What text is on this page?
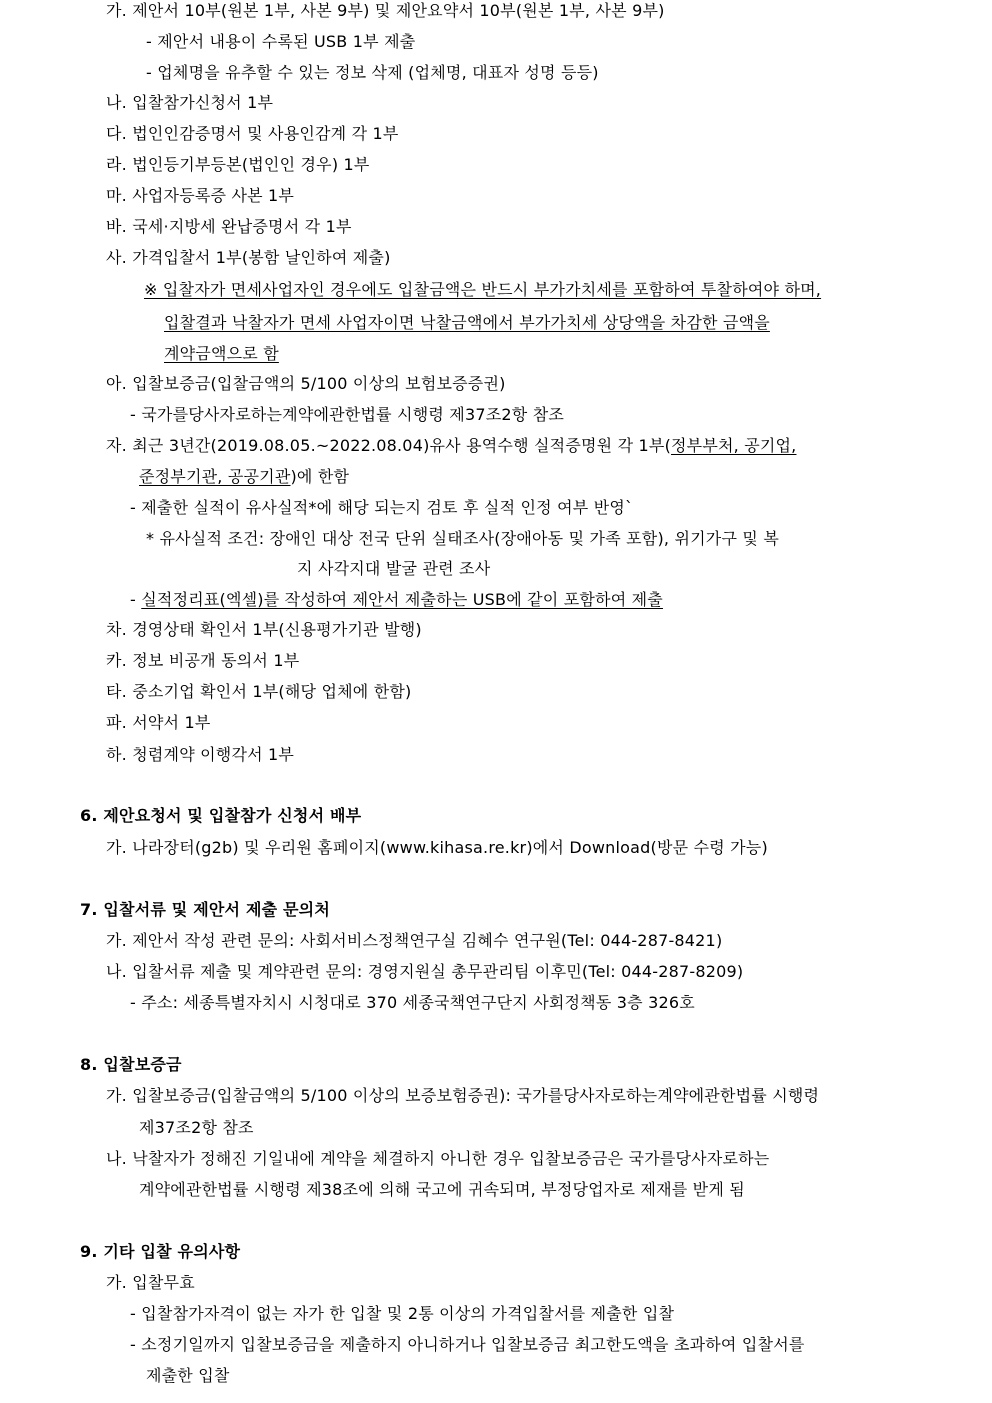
가. 제안서 10부(원본 1부, 사본 9부) 및 제안요약서 10부(원본 1부, 사본 9부)
- 제안서 내용이 수록된 USB 1부 제출
- 업체명을 유추할 수 있는 정보 삭제 (업체명, 대표자 성명 등등)
나. 입찰참가신청서 1부
다. 법인인감증명서 및 사용인감계 각 1부
라. 법인등기부등본(법인인 경우) 1부
마. 사업자등록증 사본 1부
바. 국세·지방세 완납증명서 각 1부
사. 가격입찰서 1부(봉함 날인하여 제출)
※ 입찰자가 면세사업자인 경우에도 입찰금액은 반드시 부가가치세를 포함하여 투찰하여야 하며,
입찰결과 낙찰자가 면세 사업자이면 낙찰금액에서 부가가치세 상당액을 차감한 금액을
계약금액으로 함
아. 입찰보증금(입찰금액의 5/100 이상의 보험보증증권)
- 국가를당사자로하는계약에관한법률 시행령 제37조2항 참조
자. 최근 3년간(2019.08.05.~2022.08.04)유사 용역수행 실적증명원 각 1부(정부부처, 공기업,
준정부기관, 공공기관)에 한함
- 제출한 실적이 유사실적*에 해당 되는지 검토 후 실적 인정 여부 반영`
* 유사실적 조건: 장애인 대상 전국 단위 실태조사(장애아동 및 가족 포함), 위기가구 및 복
지 사각지대 발굴 관련 조사
- 실적정리표(엑셀)를 작성하여 제안서 제출하는 USB에 같이 포함하여 제출
차. 경영상태 확인서 1부(신용평가기관 발행)
카. 정보 비공개 동의서 1부
타. 중소기업 확인서 1부(해당 업체에 한함)
파. 서약서 1부
하. 청렴계약 이행각서 1부
6. 제안요청서 및 입찰참가 신청서 배부
가. 나라장터(g2b) 및 우리원 홈페이지(www.kihasa.re.kr)에서 Download(방문 수령 가능)
7. 입찰서류 및 제안서 제출 문의처
가. 제안서 작성 관련 문의: 사회서비스정책연구실 김혜수 연구원(Tel: 044-287-8421)
나. 입찰서류 제출 및 계약관련 문의: 경영지원실 총무관리팀 이후민(Tel: 044-287-8209)
- 주소: 세종특별자치시 시청대로 370 세종국책연구단지 사회정책동 3층 326호
8. 입찰보증금
가. 입찰보증금(입찰금액의 5/100 이상의 보증보험증권): 국가를당사자로하는계약에관한법률 시행령
제37조2항 참조
나. 낙찰자가 정해진 기일내에 계약을 체결하지 아니한 경우 입찰보증금은 국가를당사자로하는
계약에관한법률 시행령 제38조에 의해 국고에 귀속되며, 부정당업자로 제재를 받게 됨
9. 기타 입찰 유의사항
가. 입찰무효
- 입찰참가자격이 없는 자가 한 입찰 및 2통 이상의 가격입찰서를 제출한 입찰
- 소정기일까지 입찰보증금을 제출하지 아니하거나 입찰보증금 최고한도액을 초과하여 입찰서를
제출한 입찰
